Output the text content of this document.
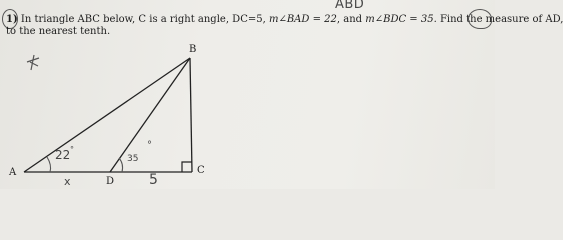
ABD
1) In triangle ABC below, C is a right angle, DC=5, m∠BAD = 22, and m∠BDC = 35. Find the measure of AD,
to the nearest tenth.
B
A
D
C
22 °
35
°
x	5
